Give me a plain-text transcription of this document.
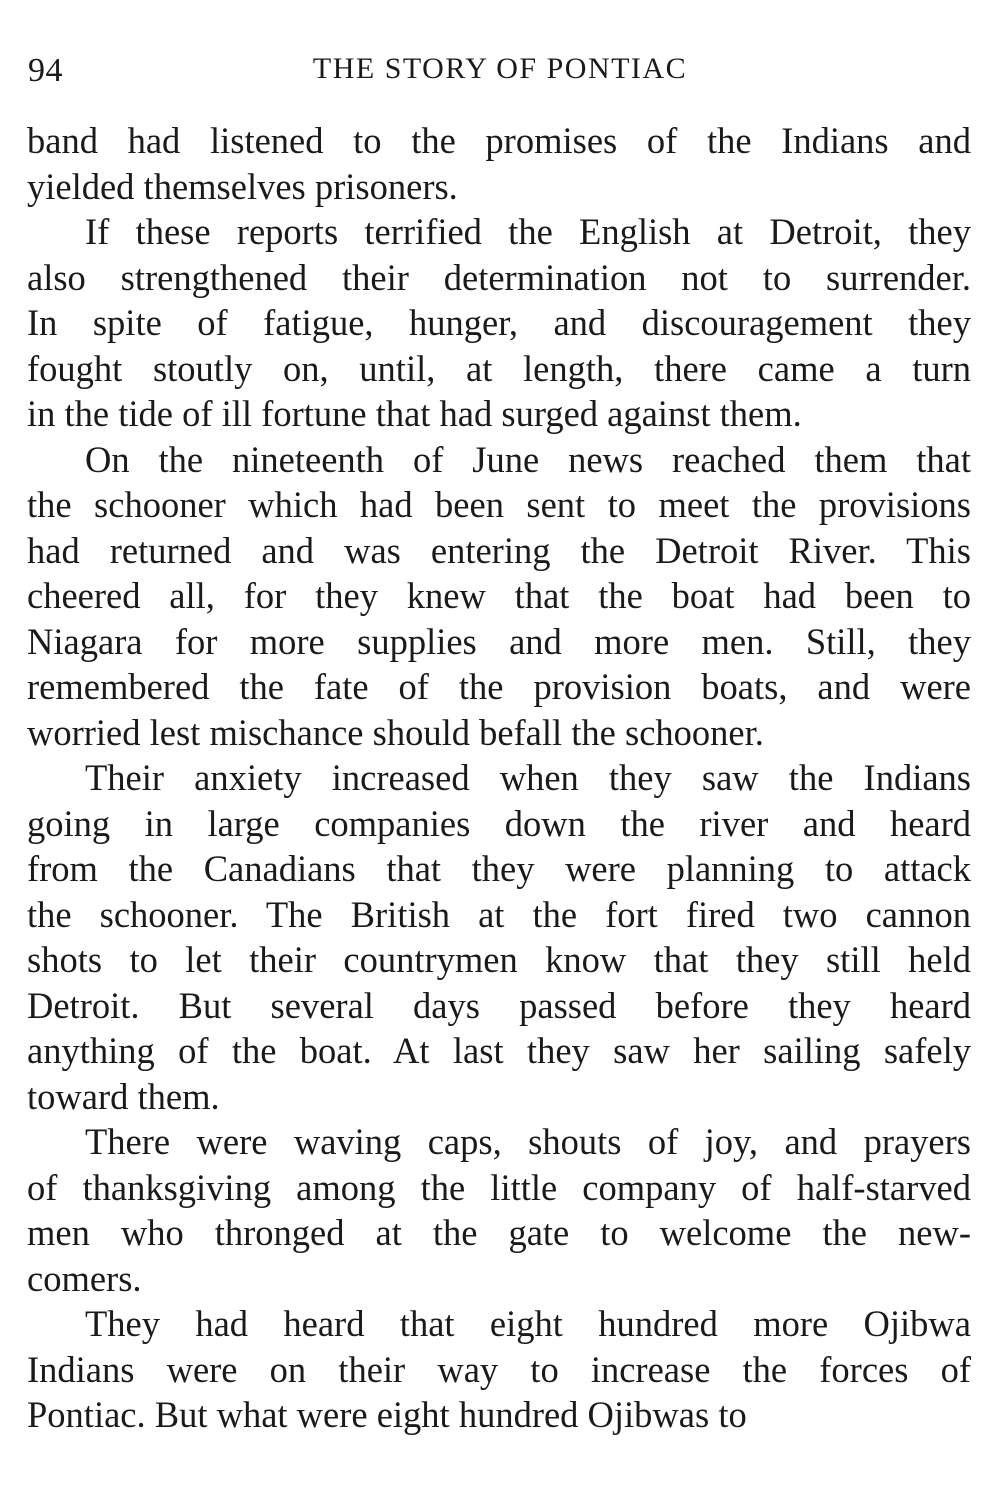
94	THE STORY OF PONTIAC
band had listened to the promises of the Indians and
yielded themselves prisoners.
If these reports terrified the English at Detroit, they
also strengthened their determination not to surrender.
In spite of fatigue, hunger, and discouragement they
fought stoutly on, until, at length, there came a turn
in the tide of ill fortune that had surged against them.
On the nineteenth of June news reached them that
the schooner which had been sent to meet the provisions
had returned and was entering the Detroit River. This
cheered all, for they knew that the boat had been to
Niagara for more supplies and more men. Still, they
remembered the fate of the provision boats, and were
worried lest mischance should befall the schooner.
Their anxiety increased when they saw the Indians
going in large companies down the river and heard
from the Canadians that they were planning to attack
the schooner. The British at the fort fired two cannon
shots to let their countrymen know that they still held
Detroit. But several days passed before they heard
anything of the boat. At last they saw her sailing safely
toward them.
There were waving caps, shouts of joy, and prayers
of thanksgiving among the little company of half-starved
men who thronged at the gate to welcome the new-
comers.
They had heard that eight hundred more Ojibwa
Indians were on their way to increase the forces of
Pontiac. But what were eight hundred Ojibwas to
